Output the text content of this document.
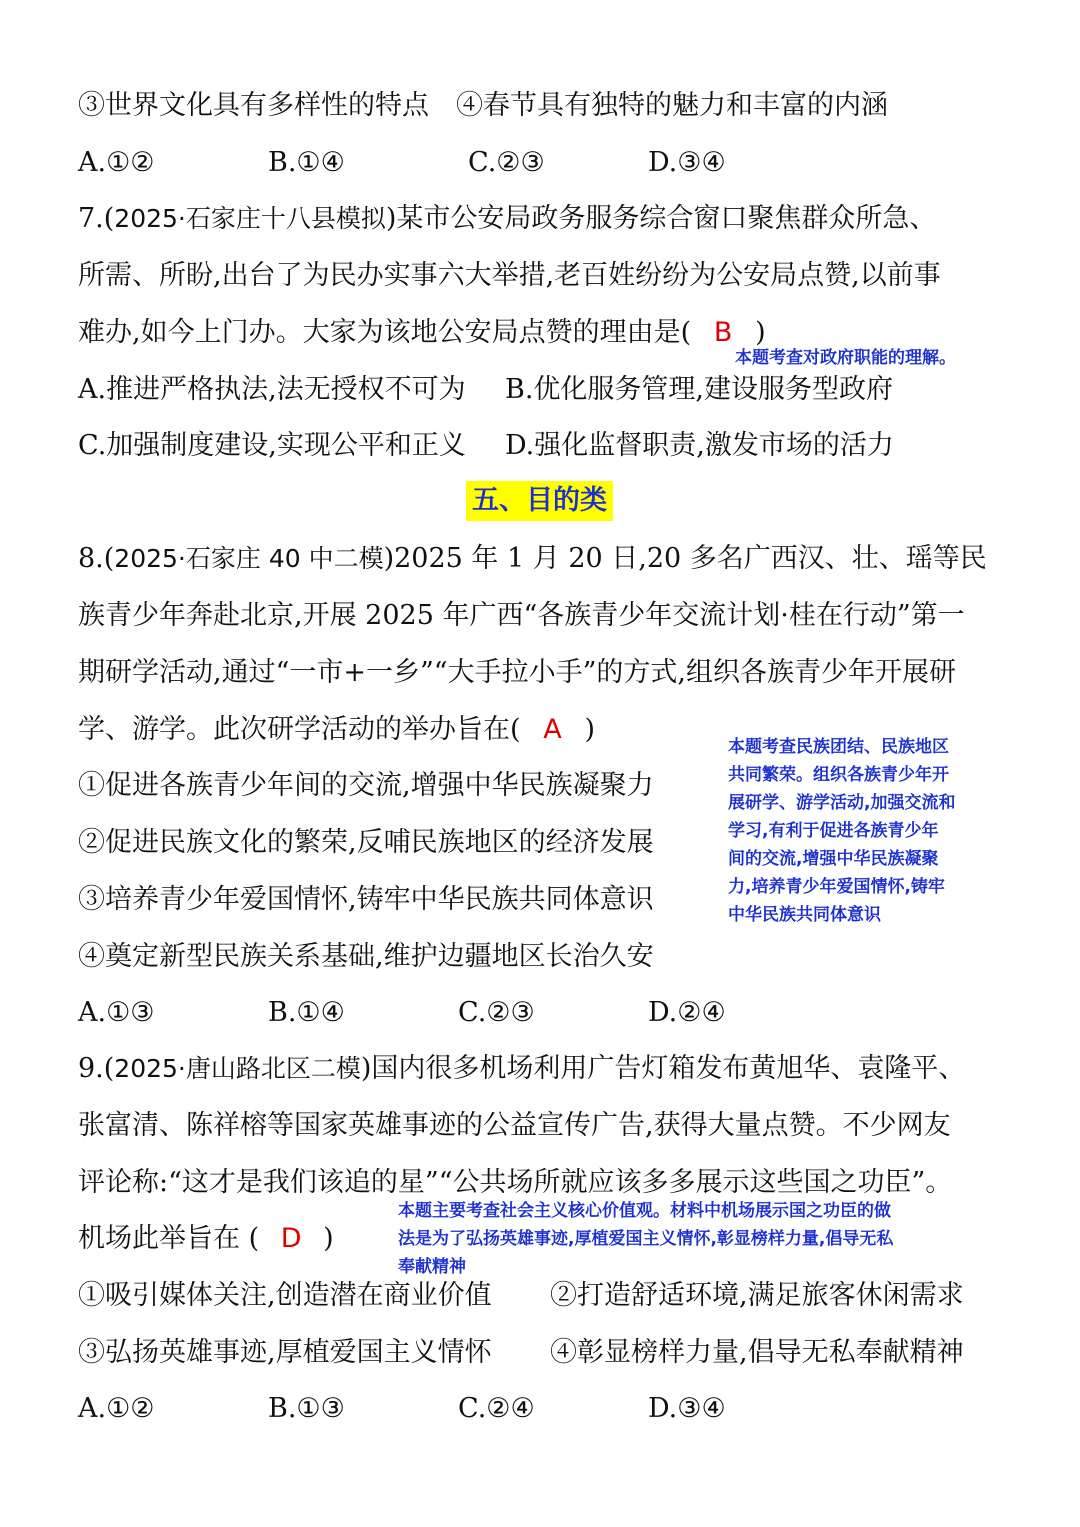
③世界文化具有多样性的特点　④春节具有独特的魅力和丰富的内涵
A.①②	B.①④	C.②③	D.③④
7.(2025·石家庄十八县模拟)某市公安局政务服务综合窗口聚焦群众所急、
所需、所盼,出台了为民办实事六大举措,老百姓纷纷为公安局点赞,以前事
难办,如今上门办。大家为该地公安局点赞的理由是( B )
本题考查对政府职能的理解。
A.推进严格执法,法无授权不可为 B.优化服务管理,建设服务型政府
C.加强制度建设,实现公平和正义 D.强化监督职责,激发市场的活力
五、目的类
8.(2025·石家庄 40 中二模)2025 年 1 月 20 日,20 多名广西汉、壮、瑶等民
族青少年奔赴北京,开展 2025 年广西“各族青少年交流计划·桂在行动”第一
期研学活动,通过“一市+一乡”“大手拉小手”的方式,组织各族青少年开展研
学、游学。此次研学活动的举办旨在( A )
①促进各族青少年间的交流,增强中华民族凝聚力
②促进民族文化的繁荣,反哺民族地区的经济发展
③培养青少年爱国情怀,铸牢中华民族共同体意识
④奠定新型民族关系基础,维护边疆地区长治久安
本题考查民族团结、民族地区
共同繁荣。组织各族青少年开
展研学、游学活动,加强交流和
学习,有利于促进各族青少年
间的交流,增强中华民族凝聚
力,培养青少年爱国情怀,铸牢
中华民族共同体意识
A.①③	B.①④	C.②③	D.②④
9.(2025·唐山路北区二模)国内很多机场利用广告灯箱发布黄旭华、袁隆平、
张富清、陈祥榕等国家英雄事迹的公益宣传广告,获得大量点赞。不少网友
评论称:“这才是我们该追的星”“公共场所就应该多多展示这些国之功臣”。
机场此举旨在 ( D )
本题主要考查社会主义核心价值观。材料中机场展示国之功臣的做
法是为了弘扬英雄事迹,厚植爱国主义情怀,彰显榜样力量,倡导无私
奉献精神
①吸引媒体关注,创造潜在商业价值 ②打造舒适环境,满足旅客休闲需求
③弘扬英雄事迹,厚植爱国主义情怀 ④彰显榜样力量,倡导无私奉献精神
A.①②	B.①③	C.②④	D.③④
